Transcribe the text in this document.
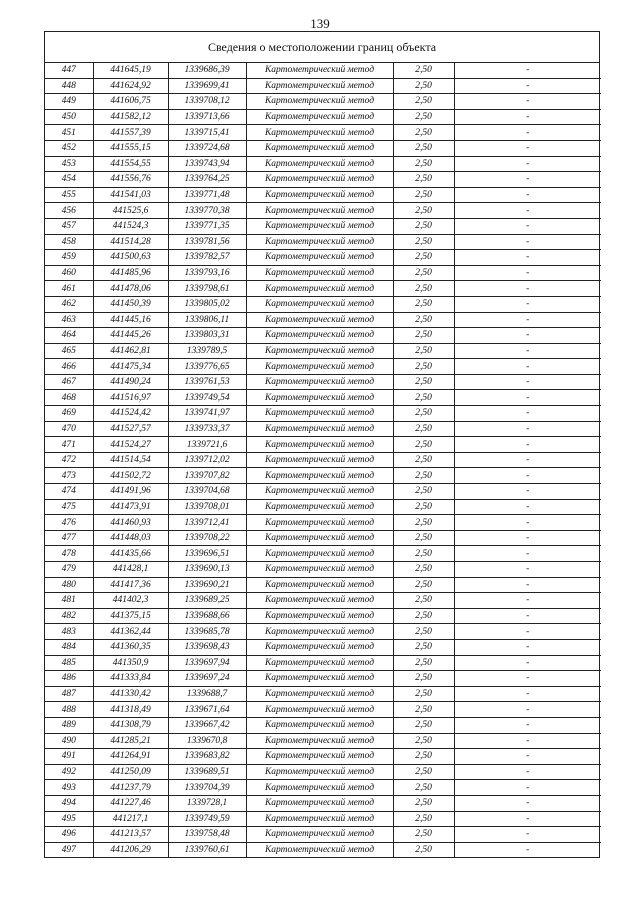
139
Сведения о местоположении границ объекта
447	441645,19	1339686,39	Картометрический метод	2,50	-
448	441624,92	1339699,41	Картометрический метод	2,50	-
449	441606,75	1339708,12	Картометрический метод	2,50	-
450	441582,12	1339713,66	Картометрический метод	2,50	-
451	441557,39	1339715,41	Картометрический метод	2,50	-
452	441555,15	1339724,68	Картометрический метод	2,50	-
453	441554,55	1339743,94	Картометрический метод	2,50	-
454	441556,76	1339764,25	Картометрический метод	2,50	-
455	441541,03	1339771,48	Картометрический метод	2,50	-
456	441525,6	1339770,38	Картометрический метод	2,50	-
457	441524,3	1339771,35	Картометрический метод	2,50	-
458	441514,28	1339781,56	Картометрический метод	2,50	-
459	441500,63	1339782,57	Картометрический метод	2,50	-
460	441485,96	1339793,16	Картометрический метод	2,50	-
461	441478,06	1339798,61	Картометрический метод	2,50	-
462	441450,39	1339805,02	Картометрический метод	2,50	-
463	441445,16	1339806,11	Картометрический метод	2,50	-
464	441445,26	1339803,31	Картометрический метод	2,50	-
465	441462,81	1339789,5	Картометрический метод	2,50	-
466	441475,34	1339776,65	Картометрический метод	2,50	-
467	441490,24	1339761,53	Картометрический метод	2,50	-
468	441516,97	1339749,54	Картометрический метод	2,50	-
469	441524,42	1339741,97	Картометрический метод	2,50	-
470	441527,57	1339733,37	Картометрический метод	2,50	-
471	441524,27	1339721,6	Картометрический метод	2,50	-
472	441514,54	1339712,02	Картометрический метод	2,50	-
473	441502,72	1339707,82	Картометрический метод	2,50	-
474	441491,96	1339704,68	Картометрический метод	2,50	-
475	441473,91	1339708,01	Картометрический метод	2,50	-
476	441460,93	1339712,41	Картометрический метод	2,50	-
477	441448,03	1339708,22	Картометрический метод	2,50	-
478	441435,66	1339696,51	Картометрический метод	2,50	-
479	441428,1	1339690,13	Картометрический метод	2,50	-
480	441417,36	1339690,21	Картометрический метод	2,50	-
481	441402,3	1339689,25	Картометрический метод	2,50	-
482	441375,15	1339688,66	Картометрический метод	2,50	-
483	441362,44	1339685,78	Картометрический метод	2,50	-
484	441360,35	1339698,43	Картометрический метод	2,50	-
485	441350,9	1339697,94	Картометрический метод	2,50	-
486	441333,84	1339697,24	Картометрический метод	2,50	-
487	441330,42	1339688,7	Картометрический метод	2,50	-
488	441318,49	1339671,64	Картометрический метод	2,50	-
489	441308,79	1339667,42	Картометрический метод	2,50	-
490	441285,21	1339670,8	Картометрический метод	2,50	-
491	441264,91	1339683,82	Картометрический метод	2,50	-
492	441250,09	1339689,51	Картометрический метод	2,50	-
493	441237,79	1339704,39	Картометрический метод	2,50	-
494	441227,46	1339728,1	Картометрический метод	2,50	-
495	441217,1	1339749,59	Картометрический метод	2,50	-
496	441213,57	1339758,48	Картометрический метод	2,50	-
497	441206,29	1339760,61	Картометрический метод	2,50	-
